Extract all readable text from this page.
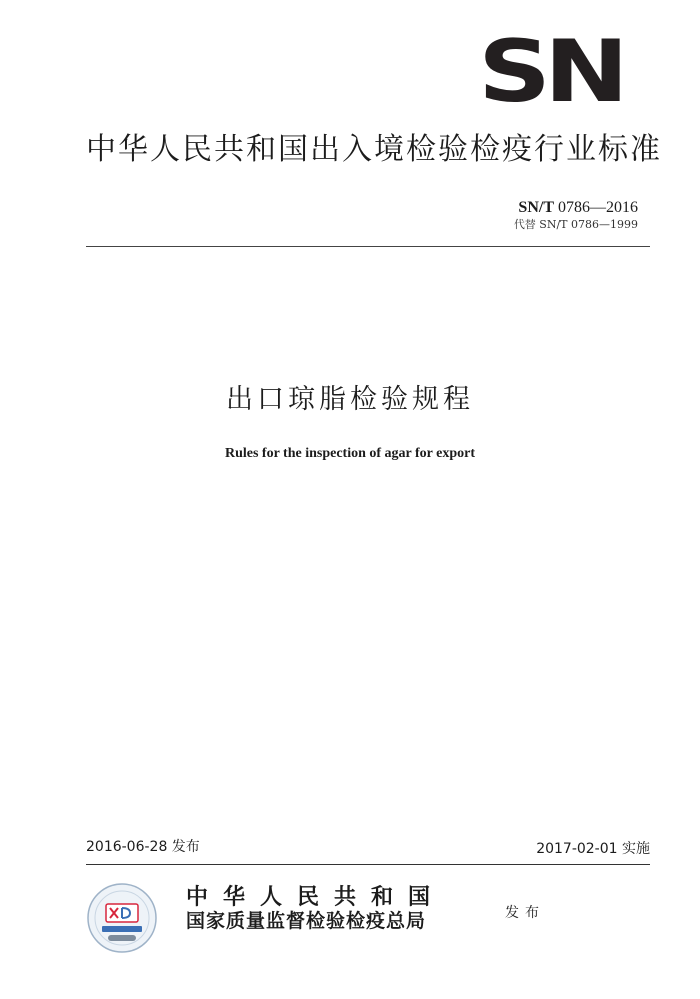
SN
中华人民共和国出入境检验检疫行业标准
SN/T 0786—2016
代替 SN/T 0786—1999
出口琼脂检验规程
Rules for the inspection of agar for export
2016-06-28 发布	2017-02-01 实施
中华人民共和国
国家质量监督检验检疫总局	发布
